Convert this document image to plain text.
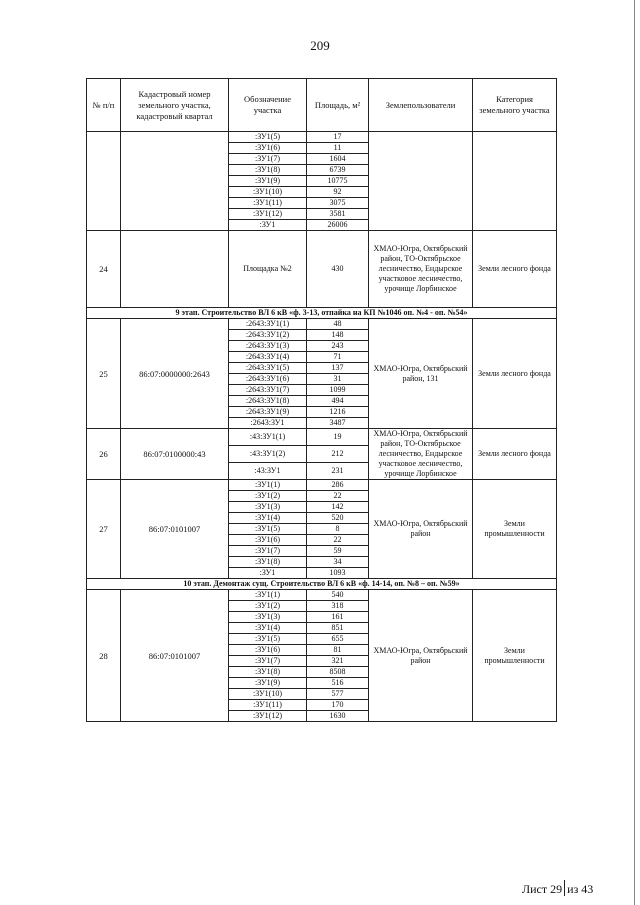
209
№ п/п	Кадастровый номер земельного участка, кадастровый квартал	Обозначение участка	Площадь, м²	Землепользователи	Категория земельного участка
		:ЗУ1(5)	17		
		:ЗУ1(6)	11		
		:ЗУ1(7)	1604		
		:ЗУ1(8)	6739		
		:ЗУ1(9)	10775		
		:ЗУ1(10)	92		
		:ЗУ1(11)	3075		
		:ЗУ1(12)	3581		
		:ЗУ1	26006		
24		Площадка №2	430	ХМАО-Югра, Октябрьский район, ТО-Октябрьское лесничество, Ендырское участковое лесничество, урочище Лорбинское	Земли лесного фонда
9 этап. Строительство ВЛ 6 кВ «ф. 3-13, отпайка на КП №1046 оп. №4 - оп. №54»					
25	86:07:0000000:2643	:2643:ЗУ1(1)	48	ХМАО-Югра, Октябрьский район, 131	Земли лесного фонда
		:2643:ЗУ1(2)	148		
		:2643:ЗУ1(3)	243		
		:2643:ЗУ1(4)	71		
		:2643:ЗУ1(5)	137		
		:2643:ЗУ1(6)	31		
		:2643:ЗУ1(7)	1099		
		:2643:ЗУ1(8)	494		
		:2643:ЗУ1(9)	1216		
		:2643:ЗУ1	3487		
26	86:07:0100000:43	:43:ЗУ1(1)	19	ХМАО-Югра, Октябрьский район, ТО-Октябрьское лесничество, Ендырское участковое лесничество, урочище Лорбинское	Земли лесного фонда
		:43:ЗУ1(2)	212		
		:43:ЗУ1	231		
27	86:07:0101007	:ЗУ1(1)	286	ХМАО-Югра, Октябрьский район	Земли промышленности
		:ЗУ1(2)	22		
		:ЗУ1(3)	142		
		:ЗУ1(4)	520		
		:ЗУ1(5)	8		
		:ЗУ1(6)	22		
		:ЗУ1(7)	59		
		:ЗУ1(8)	34		
		:ЗУ1	1093		
10 этап. Демонтаж сущ. Строительство ВЛ 6 кВ «ф. 14-14, оп. №8 – оп. №59»					
28	86:07:0101007	:ЗУ1(1)	540	ХМАО-Югра, Октябрьский район	Земли промышленности
		:ЗУ1(2)	318		
		:ЗУ1(3)	161		
		:ЗУ1(4)	851		
		:ЗУ1(5)	655		
		:ЗУ1(6)	81		
		:ЗУ1(7)	321		
		:ЗУ1(8)	8508		
		:ЗУ1(9)	516		
		:ЗУ1(10)	577		
		:ЗУ1(11)	170		
		:ЗУ1(12)	1630		
Лист 29 из 43
